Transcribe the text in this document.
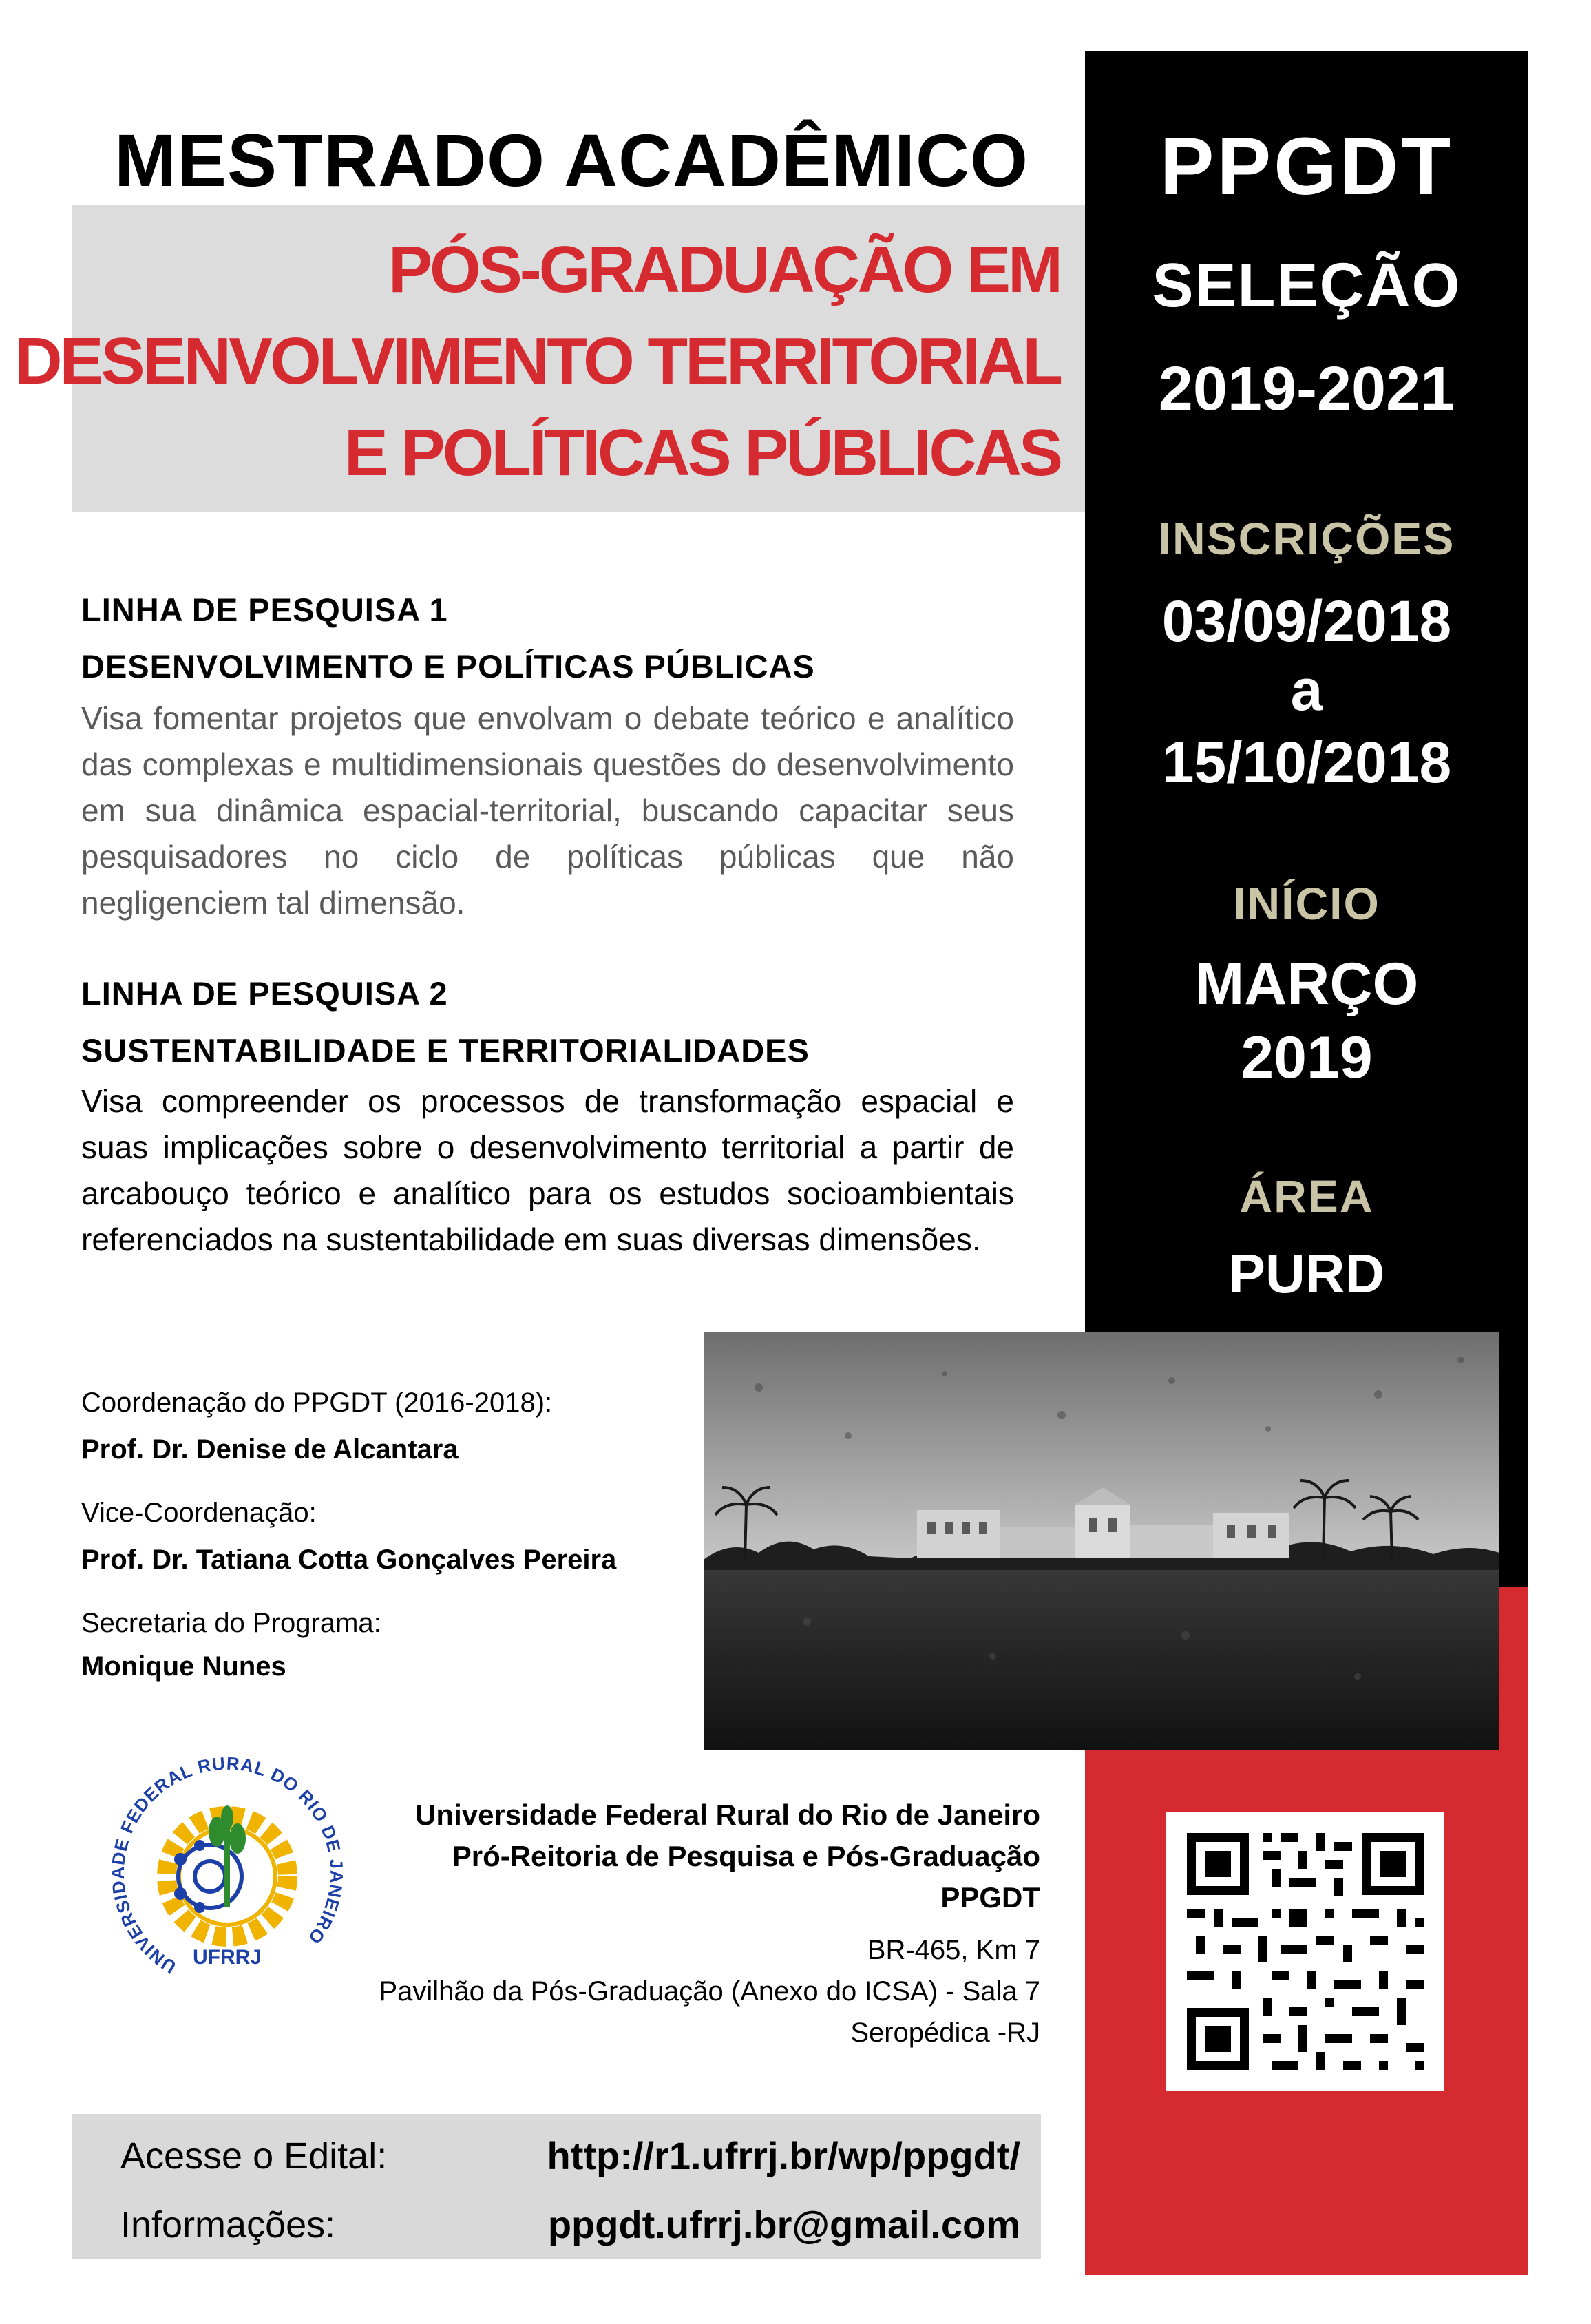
MESTRADO ACADÊMICO
PÓS-GRADUAÇÃO EM
DESENVOLVIMENTO TERRITORIAL
E POLÍTICAS PÚBLICAS
PPGDT
SELEÇÃO
2019-2021
INSCRIÇÕES
03/09/2018
a
15/10/2018
INÍCIO
MARÇO
2019
ÁREA
PURD
LINHA DE PESQUISA 1
DESENVOLVIMENTO E POLÍTICAS PÚBLICAS
Visa fomentar projetos que envolvam o debate teórico e analítico das complexas e multidimensionais questões do desenvolvimento em sua dinâmica espacial-territorial, buscando capacitar seus pesquisadores no ciclo de políticas públicas que não negligenciem tal dimensão.
LINHA DE PESQUISA 2
SUSTENTABILIDADE E TERRITORIALIDADES
Visa compreender os processos de transformação espacial e suas implicações sobre o desenvolvimento territorial a partir de arcabouço teórico e analítico para os estudos socioambientais referenciados na sustentabilidade em suas diversas dimensões.
Coordenação do PPGDT (2016-2018):
Prof. Dr. Denise de Alcantara
Vice-Coordenação:
Prof. Dr. Tatiana Cotta Gonçalves Pereira
Secretaria do Programa:
Monique Nunes
UNIVERSIDADE FEDERAL RURAL DO RIO DE JANEIRO
UFRRJ
Universidade Federal Rural do Rio de Janeiro
Pró-Reitoria de Pesquisa e Pós-Graduação
PPGDT
BR-465, Km 7
Pavilhão da Pós-Graduação (Anexo do ICSA) - Sala 7
Seropédica -RJ
Acesse o Edital:	http://r1.ufrrj.br/wp/ppgdt/
Informações:	ppgdt.ufrrj.br@gmail.com
